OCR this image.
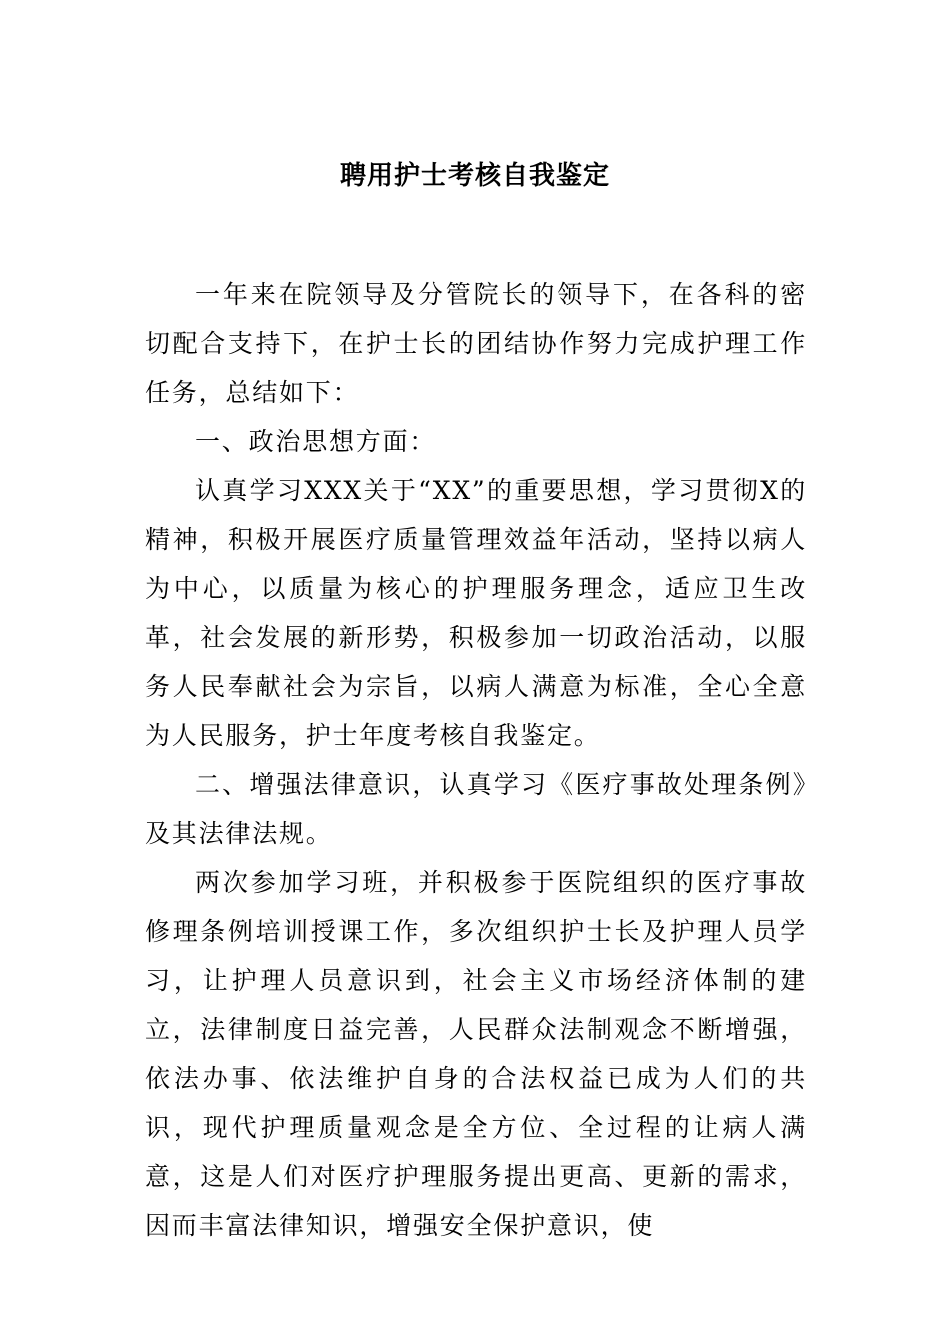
聘用护士考核自我鉴定

一年来在院领导及分管院长的领导下，在各科的密切配合支持下，在护士长的团结协作努力完成护理工作任务，总结如下：

一、政治思想方面：

认真学习XXX关于“XX”的重要思想，学习贯彻X的精神，积极开展医疗质量管理效益年活动，坚持以病人为中心，以质量为核心的护理服务理念，适应卫生改革，社会发展的新形势，积极参加一切政治活动，以服务人民奉献社会为宗旨，以病人满意为标准，全心全意为人民服务，护士年度考核自我鉴定。

二、增强法律意识，认真学习《医疗事故处理条例》及其法律法规。

两次参加学习班，并积极参于医院组织的医疗事故修理条例培训授课工作，多次组织护士长及护理人员学习，让护理人员意识到，社会主义市场经济体制的建立，法律制度日益完善，人民群众法制观念不断增强，依法办事、依法维护自身的合法权益已成为人们的共识，现代护理质量观念是全方位、全过程的让病人满意，这是人们对医疗护理服务提出更高、更新的需求，因而丰富法律知识，增强安全保护意识，使
